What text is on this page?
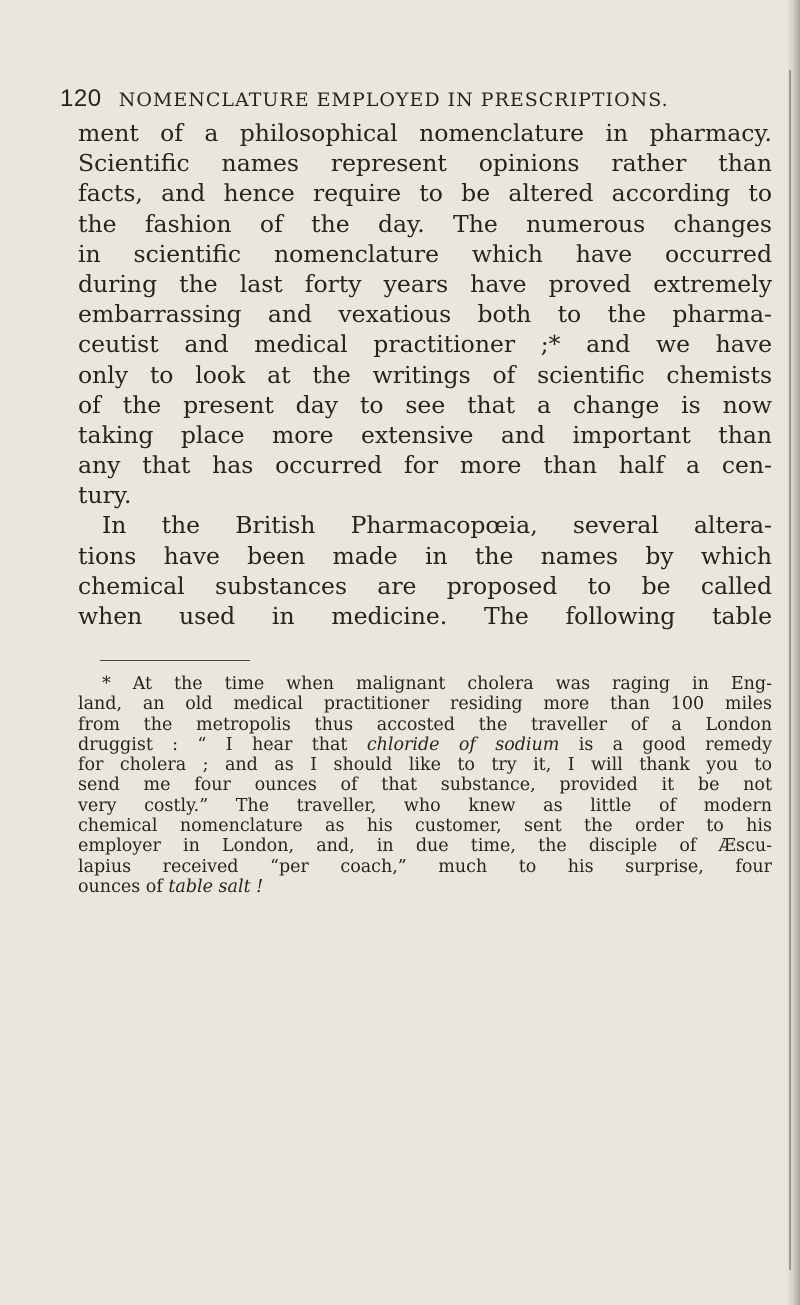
120 NOMENCLATURE EMPLOYED IN PRESCRIPTIONS.
ment of a philosophical nomenclature in pharmacy.
Scientific names represent opinions rather than
facts, and hence require to be altered according to
the fashion of the day. The numerous changes
in scientific nomenclature which have occurred
during the last forty years have proved extremely
embarrassing and vexatious both to the pharma-
ceutist and medical practitioner ;* and we have
only to look at the writings of scientific chemists
of the present day to see that a change is now
taking place more extensive and important than
any that has occurred for more than half a cen-
tury.
In the British Pharmacopœia, several altera-
tions have been made in the names by which
chemical substances are proposed to be called
when used in medicine. The following table
* At the time when malignant cholera was raging in Eng-
land, an old medical practitioner residing more than 100 miles
from the metropolis thus accosted the traveller of a London
druggist : “ I hear that chloride of sodium is a good remedy
for cholera ; and as I should like to try it, I will thank you to
send me four ounces of that substance, provided it be not
very costly.” The traveller, who knew as little of modern
chemical nomenclature as his customer, sent the order to his
employer in London, and, in due time, the disciple of Æscu-
lapius received “per coach,” much to his surprise, four
ounces of table salt !
